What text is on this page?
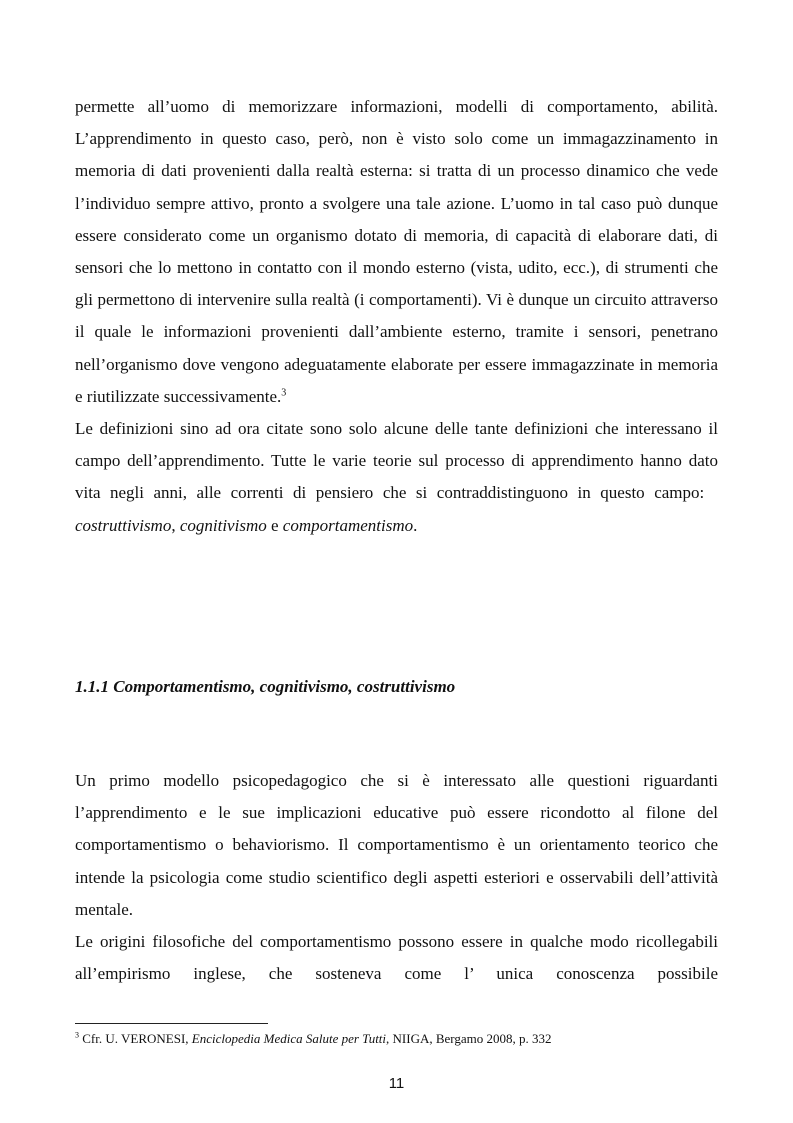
permette all’uomo di memorizzare informazioni, modelli di comportamento, abilità. L’apprendimento in questo caso, però, non è visto solo come un immagazzinamento in memoria di dati provenienti dalla realtà esterna: si tratta di un processo dinamico che vede l’individuo sempre attivo, pronto a svolgere una tale azione. L’uomo in tal caso può dunque essere considerato come un organismo dotato di memoria, di capacità di elaborare dati, di sensori che lo mettono in contatto con il mondo esterno (vista, udito, ecc.), di strumenti che gli permettono di intervenire sulla realtà (i comportamenti). Vi è dunque un circuito attraverso il quale le informazioni provenienti dall’ambiente esterno, tramite i sensori, penetrano nell’organismo dove vengono adeguatamente elaborate per essere immagazzinate in memoria e riutilizzate successivamente.$^3$

Le definizioni sino ad ora citate sono solo alcune delle tante definizioni che interessano il campo dell’apprendimento. Tutte le varie teorie sul processo di apprendimento hanno dato vita negli anni, alle correnti di pensiero che si contraddistinguono in questo campo:   costruttivismo, cognitivismo e comportamentismo.

1.1.1 Comportamentismo, cognitivismo, costruttivismo

Un primo modello psicopedagogico che si è interessato alle questioni riguardanti l’apprendimento e le sue implicazioni educative può essere ricondotto al filone del comportamentismo o behaviorismo. Il comportamentismo è un orientamento teorico che intende la psicologia come studio scientifico degli aspetti esteriori e osservabili dell’attività mentale.

Le origini filosofiche del comportamentismo possono essere in qualche modo ricollegabili all’empirismo inglese, che sosteneva come l’ unica conoscenza possibile

$^3$ Cfr. U. VERONESI, Enciclopedia Medica Salute per Tutti, NIIGA, Bergamo 2008, p. 332

11
